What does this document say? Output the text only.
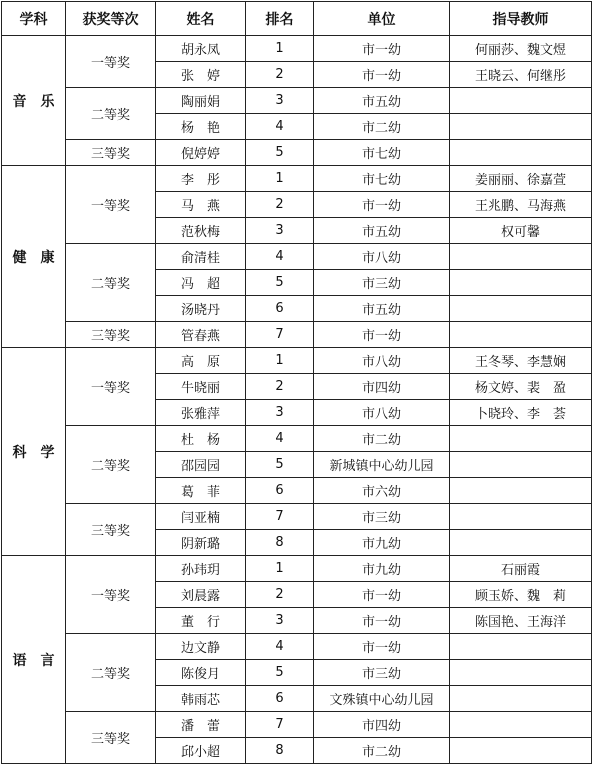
学科	获奖等次	姓名	排名	单位	指导教师
音　乐	一等奖	胡永凤	1	市一幼	何丽莎、魏文煜
		张　婷	2	市一幼	王晓云、何继彤
	二等奖	陶丽娟	3	市五幼	
		杨　艳	4	市二幼	
	三等奖	倪婷婷	5	市七幼	
健　康	一等奖	李　彤	1	市七幼	姜丽丽、徐嘉萱
		马　燕	2	市一幼	王兆鹏、马海燕
		范秋梅	3	市五幼	权可馨
	二等奖	俞清桂	4	市八幼	
		冯　超	5	市三幼	
		汤晓丹	6	市五幼	
	三等奖	管春燕	7	市一幼	
科　学	一等奖	高　原	1	市八幼	王冬琴、李慧娴
		牛晓丽	2	市四幼	杨文婷、裴　盈
		张雅萍	3	市八幼	卜晓玲、李　荟
	二等奖	杜　杨	4	市二幼	
		邵园园	5	新城镇中心幼儿园	
		葛　菲	6	市六幼	
	三等奖	闫亚楠	7	市三幼	
		阴新璐	8	市九幼	
语　言	一等奖	孙玮玥	1	市九幼	石丽霞
		刘晨露	2	市一幼	顾玉娇、魏　莉
		董　行	3	市一幼	陈国艳、王海洋
	二等奖	边文静	4	市一幼	
		陈俊月	5	市三幼	
		韩雨芯	6	文殊镇中心幼儿园	
	三等奖	潘　蕾	7	市四幼	
		邱小超	8	市二幼	
